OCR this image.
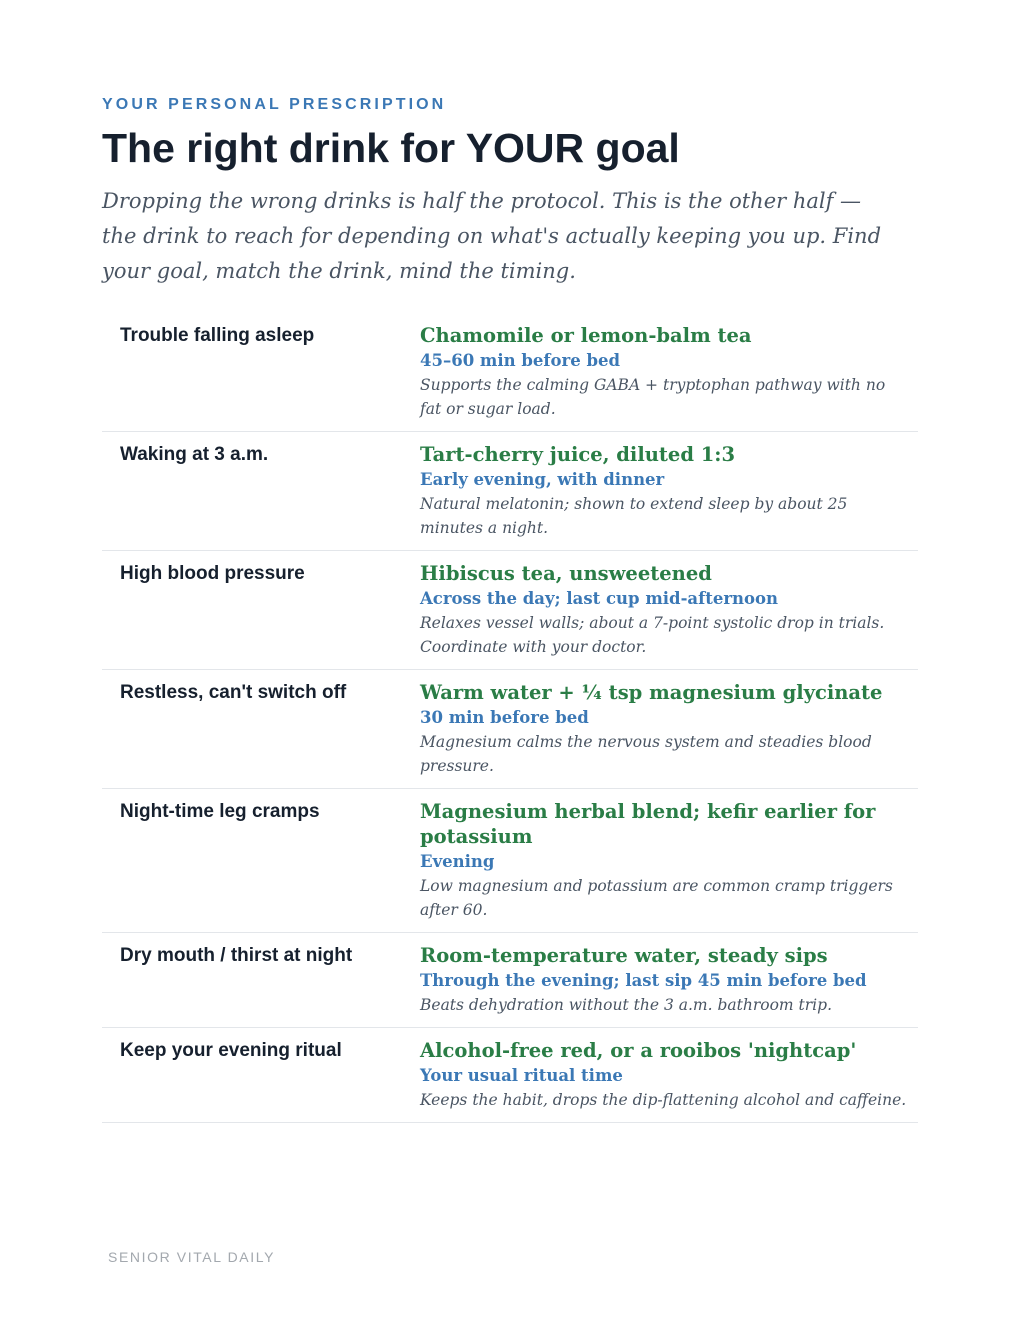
YOUR PERSONAL PRESCRIPTION

The right drink for YOUR goal

Dropping the wrong drinks is half the protocol. This is the other half — the drink to reach for depending on what's actually keeping you up. Find your goal, match the drink, mind the timing.

Trouble falling asleep	Chamomile or lemon-balm tea
45–60 min before bed
Supports the calming GABA + tryptophan pathway with no fat or sugar load.
Waking at 3 a.m.	Tart-cherry juice, diluted 1:3
Early evening, with dinner
Natural melatonin; shown to extend sleep by about 25 minutes a night.
High blood pressure	Hibiscus tea, unsweetened
Across the day; last cup mid-afternoon
Relaxes vessel walls; about a 7-point systolic drop in trials. Coordinate with your doctor.
Restless, can't switch off	Warm water + ¼ tsp magnesium glycinate
30 min before bed
Magnesium calms the nervous system and steadies blood pressure.
Night-time leg cramps	Magnesium herbal blend; kefir earlier for potassium
Evening
Low magnesium and potassium are common cramp triggers after 60.
Dry mouth / thirst at night	Room-temperature water, steady sips
Through the evening; last sip 45 min before bed
Beats dehydration without the 3 a.m. bathroom trip.
Keep your evening ritual	Alcohol-free red, or a rooibos 'nightcap'
Your usual ritual time
Keeps the habit, drops the dip-flattening alcohol and caffeine.

SENIOR VITAL DAILY
